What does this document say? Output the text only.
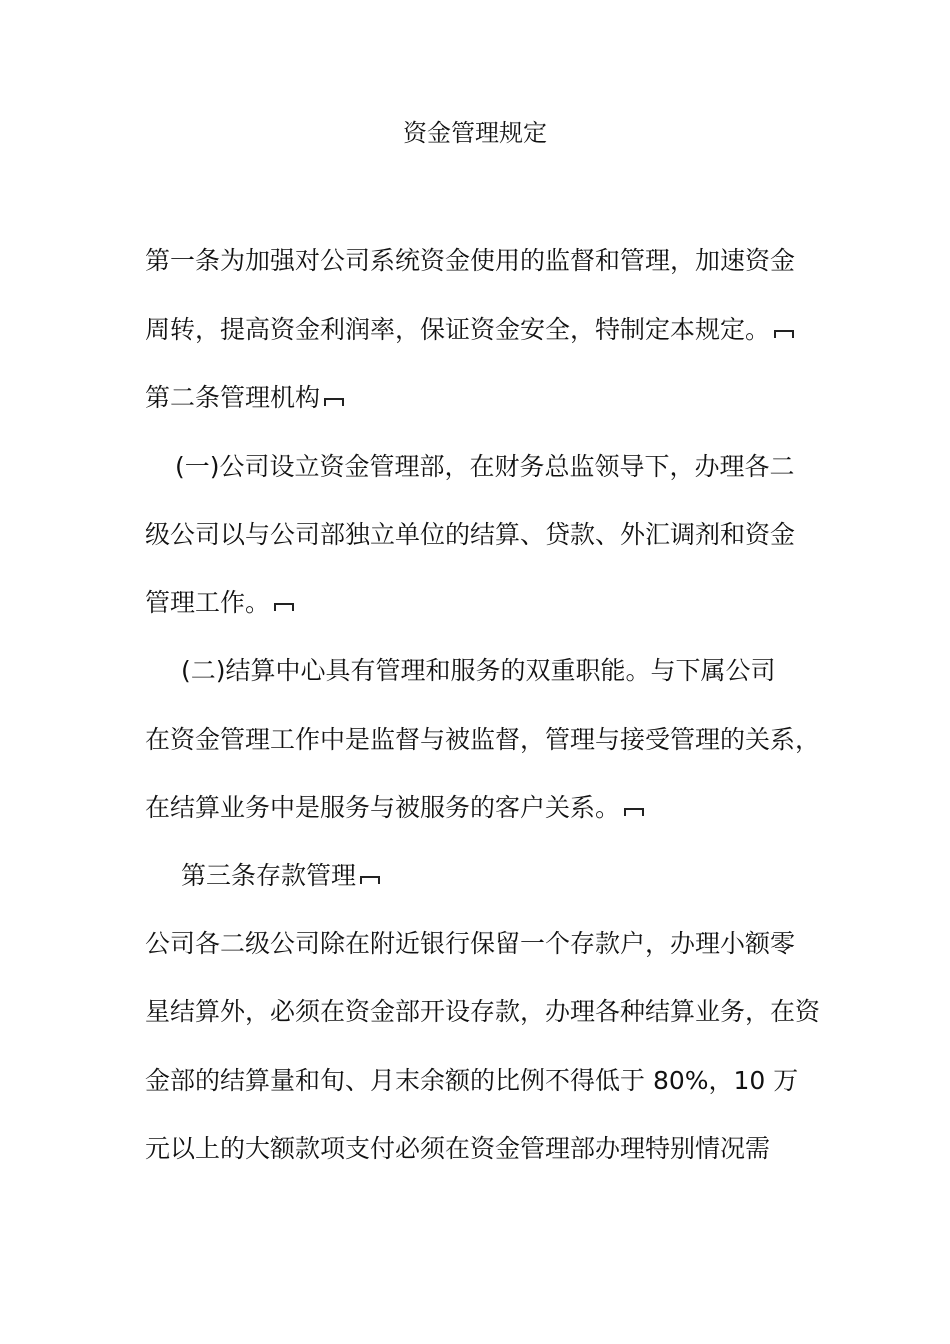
资金管理规定
第一条为加强对公司系统资金使用的监督和管理，加速资金
周转，提高资金利润率，保证资金安全，特制定本规定。
第二条管理机构
(一)公司设立资金管理部，在财务总监领导下，办理各二
级公司以与公司部独立单位的结算、贷款、外汇调剂和资金
管理工作。
(二)结算中心具有管理和服务的双重职能。与下属公司
在资金管理工作中是监督与被监督，管理与接受管理的关系，
在结算业务中是服务与被服务的客户关系。
第三条存款管理
公司各二级公司除在附近银行保留一个存款户，办理小额零
星结算外，必须在资金部开设存款，办理各种结算业务，在资
金部的结算量和旬、月末余额的比例不得低于 80%，10 万
元以上的大额款项支付必须在资金管理部办理特别情况需
